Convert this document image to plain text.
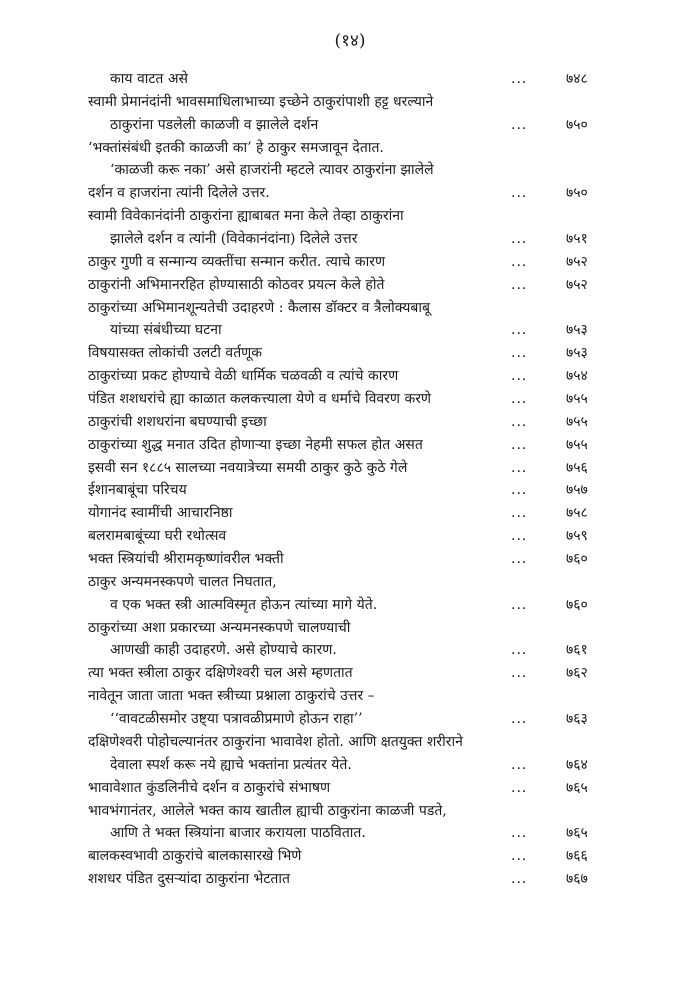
(१४)
काय वाटत असे	...	७४८
स्वामी प्रेमानंदांनी भावसमाधिलाभाच्या इच्छेने ठाकुरांपाशी हट्ट धरल्याने
ठाकुरांना पडलेली काळजी व झालेले दर्शन	...	७५०
‘भक्तांसंबंधी इतकी काळजी का’ हे ठाकुर समजावून देतात.
‘काळजी करू नका’ असे हाजरांनी म्हटले त्यावर ठाकुरांना झालेले
दर्शन व हाजरांना त्यांनी दिलेले उत्तर.	...	७५०
स्वामी विवेकानंदांनी ठाकुरांना ह्याबाबत मना केले तेव्हा ठाकुरांना
झालेले दर्शन व त्यांनी (विवेकानंदांना) दिलेले उत्तर	...	७५१
ठाकुर गुणी व सन्मान्य व्यक्तींचा सन्मान करीत. त्याचे कारण	...	७५२
ठाकुरांनी अभिमानरहित होण्यासाठी कोठवर प्रयत्न केले होते	...	७५२
ठाकुरांच्या अभिमानशून्यतेची उदाहरणे : कैलास डॉक्टर व त्रैलोक्यबाबू
यांच्या संबंधीच्या घटना	...	७५३
विषयासक्त लोकांची उलटी वर्तणूक	...	७५३
ठाकुरांच्या प्रकट होण्याचे वेळी धार्मिक चळवळी व त्यांचे कारण	...	७५४
पंडित शशधरांचे ह्या काळात कलकत्त्याला येणे व धर्माचे विवरण करणे	...	७५५
ठाकुरांची शशधरांना बघण्याची इच्छा	...	७५५
ठाकुरांच्या शुद्ध मनात उदित होणाऱ्या इच्छा नेहमी सफल होत असत	...	७५५
इसवी सन १८८५ सालच्या नवयात्रेच्या समयी ठाकुर कुठे कुठे गेले	...	७५६
ईशानबाबूंचा परिचय	...	७५७
योगानंद स्वामींची आचारनिष्ठा	...	७५८
बलरामबाबूंच्या घरी रथोत्सव	...	७५९
भक्त स्त्रियांची श्रीरामकृष्णांवरील भक्ती	...	७६०
ठाकुर अन्यमनस्कपणे चालत निघतात,
व एक भक्त स्त्री आत्मविस्मृत होऊन त्यांच्या मागे येते.	...	७६०
ठाकुरांच्या अशा प्रकारच्या अन्यमनस्कपणे चालण्याची
आणखी काही उदाहरणे. असे होण्याचे कारण.	...	७६१
त्या भक्त स्त्रीला ठाकुर दक्षिणेश्वरी चल असे म्हणतात	...	७६२
नावेतून जाता जाता भक्त स्त्रीच्या प्रश्नाला ठाकुरांचे उत्तर –
‘‘वावटळीसमोर उष्ट्या पत्रावळीप्रमाणे होऊन राहा’’	...	७६३
दक्षिणेश्वरी पोहोचल्यानंतर ठाकुरांना भावावेश होतो. आणि क्षतयुक्त शरीराने
देवाला स्पर्श करू नये ह्याचे भक्तांना प्रत्यंतर येते.	...	७६४
भावावेशात कुंडलिनीचे दर्शन व ठाकुरांचे संभाषण	...	७६५
भावभंगानंतर, आलेले भक्त काय खातील ह्याची ठाकुरांना काळजी पडते,
आणि ते भक्त स्त्रियांना बाजार करायला पाठवितात.	...	७६५
बालकस्वभावी ठाकुरांचे बालकासारखे भिणे	...	७६६
शशधर पंडित दुसऱ्यांदा ठाकुरांना भेटतात	...	७६७
